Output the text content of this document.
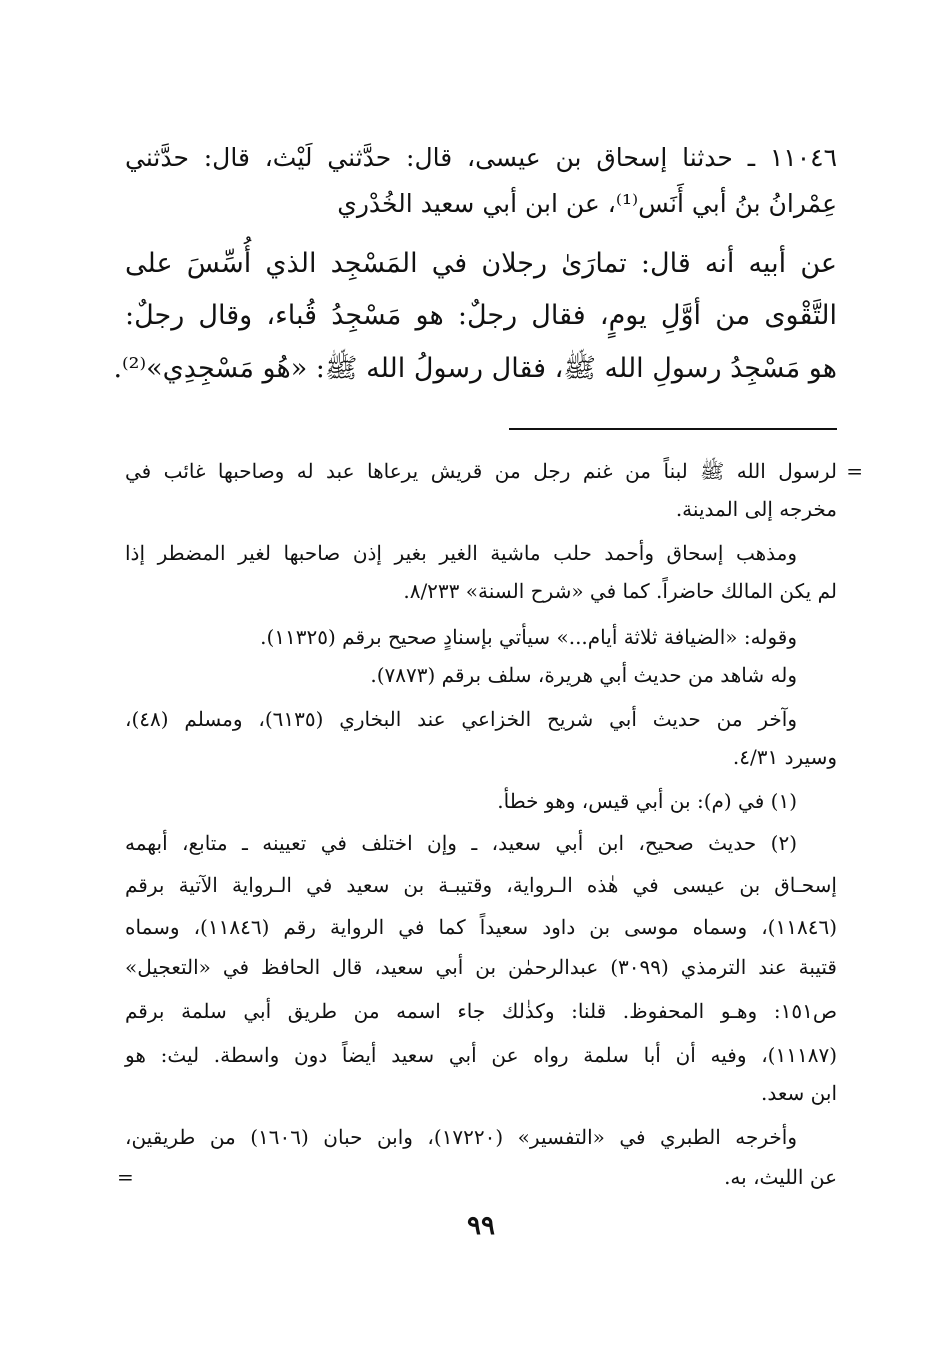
١١٠٤٦ ـ حدثنا إسحاق بن عيسى، قال: حدَّثني لَيْث، قال: حدَّثني
عِمْرانُ بنُ أبي أَنَس⁽¹⁾، عن ابن أبي سعيد الخُدْري
عن أبيه أنه قال: تمارَىٰ رجلان في المَسْجِد الذي أُسِّسَ على
التَّقْوى من أوَّلِ يومٍ، فقال رجلٌ: هو مَسْجِدُ قُباء، وقال رجلٌ:
هو مَسْجِدُ رسولِ الله ﷺ، فقال رسولُ الله ﷺ: «هُو مَسْجِدِي»⁽²⁾.
=
لرسول الله ﷺ لبناً من غنم رجل من قريش يرعاها عبد له وصاحبها غائب في
مخرجه إلى المدينة.
ومذهب إسحاق وأحمد حلب ماشية الغير بغير إذن صاحبها لغير المضطر إذا
لم يكن المالك حاضراً. كما في «شرح السنة» ٨/٢٣٣.
وقوله: «الضيافة ثلاثة أيام...» سيأتي بإسنادٍ صحيح برقم (١١٣٢٥).
وله شاهد من حديث أبي هريرة، سلف برقم (٧٨٧٣).
وآخر من حديث أبي شريح الخزاعي عند البخاري (٦١٣٥)، ومسلم (٤٨)،
وسيرد ٤/٣١.
(١) في (م): بن أبي قيس، وهو خطأ.
(٢) حديث صحيح، ابن أبي سعيد، ـ وإن اختلف في تعيينه ـ متابع، أبهمه
إسحـاق بن عيسى في هٰذه الـرواية، وقتيبـة بن سعيد في الـرواية الآتية برقم
(١١٨٤٦)، وسماه موسى بن داود سعيداً كما في الرواية رقم (١١٨٤٦)، وسماه
قتيبة عند الترمذي (٣٠٩٩) عبدالرحمٰن بن أبي سعيد، قال الحافظ في «التعجيل»
ص١٥١: وهـو المحفوظ. قلنا: وكذٰلك جاء اسمه من طريق أبي سلمة برقم
(١١١٨٧)، وفيه أن أبا سلمة رواه عن أبي سعيد أيضاً دون واسطة. ليث: هو
ابن سعد.
وأخرجه الطبري في «التفسير» (١٧٢٢٠)، وابن حبان (١٦٠٦) من طريقين،
عن الليث، به.
=
٩٩
